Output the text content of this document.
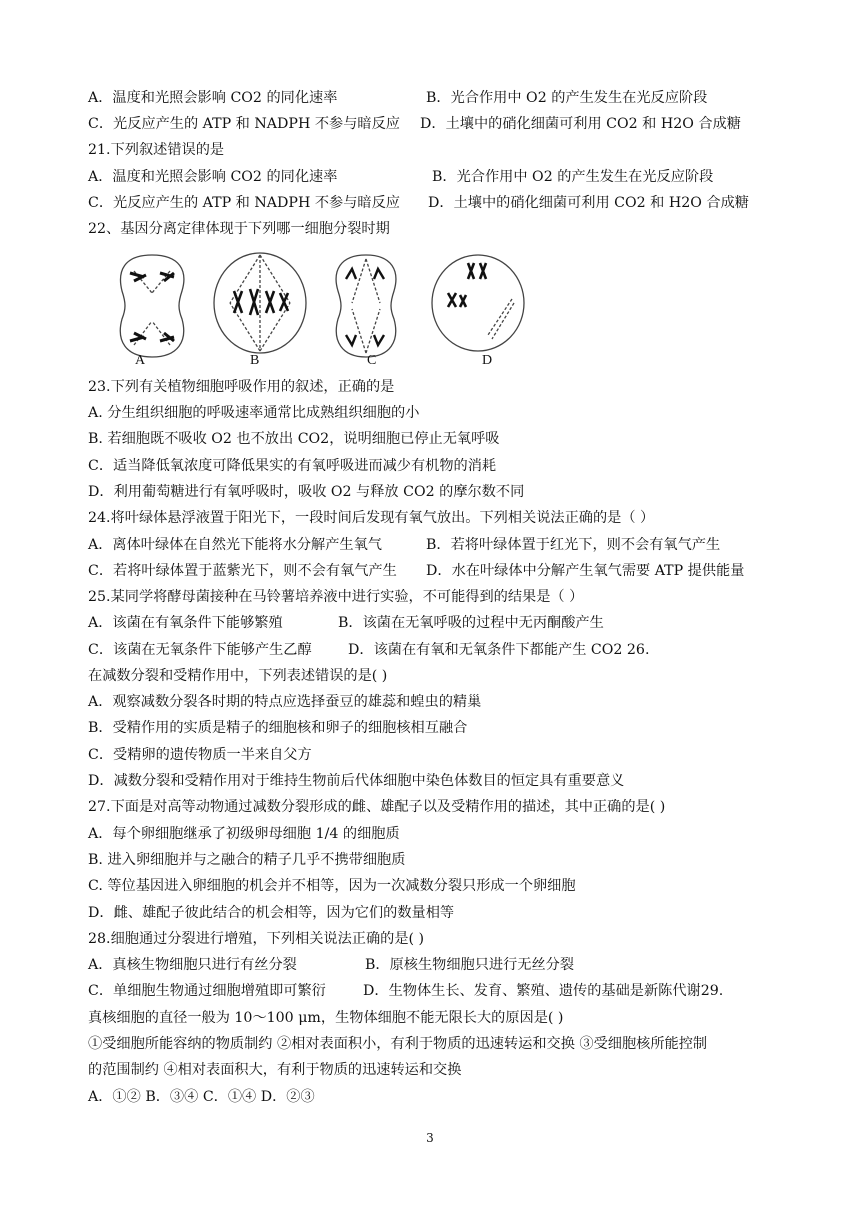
A．温度和光照会影响 CO2 的同化速率	B．光合作用中 O2 的产生发生在光反应阶段
C．光反应产生的 ATP 和 NADPH 不参与暗反应 D．土壤中的硝化细菌可利用 CO2 和 H2O 合成糖
21.下列叙述错误的是
A．温度和光照会影响 CO2 的同化速率	B．光合作用中 O2 的产生发生在光反应阶段
C．光反应产生的 ATP 和 NADPH 不参与暗反应 D．土壤中的硝化细菌可利用 CO2 和 H2O 合成糖
22、基因分离定律体现于下列哪一细胞分裂时期
A	B	C	D
23.下列有关植物细胞呼吸作用的叙述，正确的是
A. 分生组织细胞的呼吸速率通常比成熟组织细胞的小
B. 若细胞既不吸收 O2 也不放出 CO2，说明细胞已停止无氧呼吸
C．适当降低氧浓度可降低果实的有氧呼吸进而减少有机物的消耗
D．利用葡萄糖进行有氧呼吸时，吸收 O2 与释放 CO2 的摩尔数不同
24.将叶绿体悬浮液置于阳光下，一段时间后发现有氧气放出。下列相关说法正确的是（ ）
A．离体叶绿体在自然光下能将水分解产生氧气	B．若将叶绿体置于红光下，则不会有氧气产生
C．若将叶绿体置于蓝紫光下，则不会有氧气产生 D．水在叶绿体中分解产生氧气需要 ATP 提供能量
25.某同学将酵母菌接种在马铃薯培养液中进行实验，不可能得到的结果是（ ）
A．该菌在有氧条件下能够繁殖	B．该菌在无氧呼吸的过程中无丙酮酸产生
C．该菌在无氧条件下能够产生乙醇	D．该菌在有氧和无氧条件下都能产生 CO2 26.
在减数分裂和受精作用中，下列表述错误的是( )
A．观察减数分裂各时期的特点应选择蚕豆的雄蕊和蝗虫的精巢
B．受精作用的实质是精子的细胞核和卵子的细胞核相互融合
C．受精卵的遗传物质一半来自父方
D．减数分裂和受精作用对于维持生物前后代体细胞中染色体数目的恒定具有重要意义
27.下面是对高等动物通过减数分裂形成的雌、雄配子以及受精作用的描述，其中正确的是( )
A．每个卵细胞继承了初级卵母细胞 1/4 的细胞质
B. 进入卵细胞并与之融合的精子几乎不携带细胞质
C. 等位基因进入卵细胞的机会并不相等，因为一次减数分裂只形成一个卵细胞
D．雌、雄配子彼此结合的机会相等，因为它们的数量相等
28.细胞通过分裂进行增殖，下列相关说法正确的是( )
A．真核生物细胞只进行有丝分裂	B．原核生物细胞只进行无丝分裂
C．单细胞生物通过细胞增殖即可繁衍	D．生物体生长、发育、繁殖、遗传的基础是新陈代谢29.
真核细胞的直径一般为 10～100 μm，生物体细胞不能无限长大的原因是( )
①受细胞所能容纳的物质制约 ②相对表面积小，有利于物质的迅速转运和交换 ③受细胞核所能控制
的范围制约 ④相对表面积大，有利于物质的迅速转运和交换
A．①② B．③④ C．①④ D．②③
3
